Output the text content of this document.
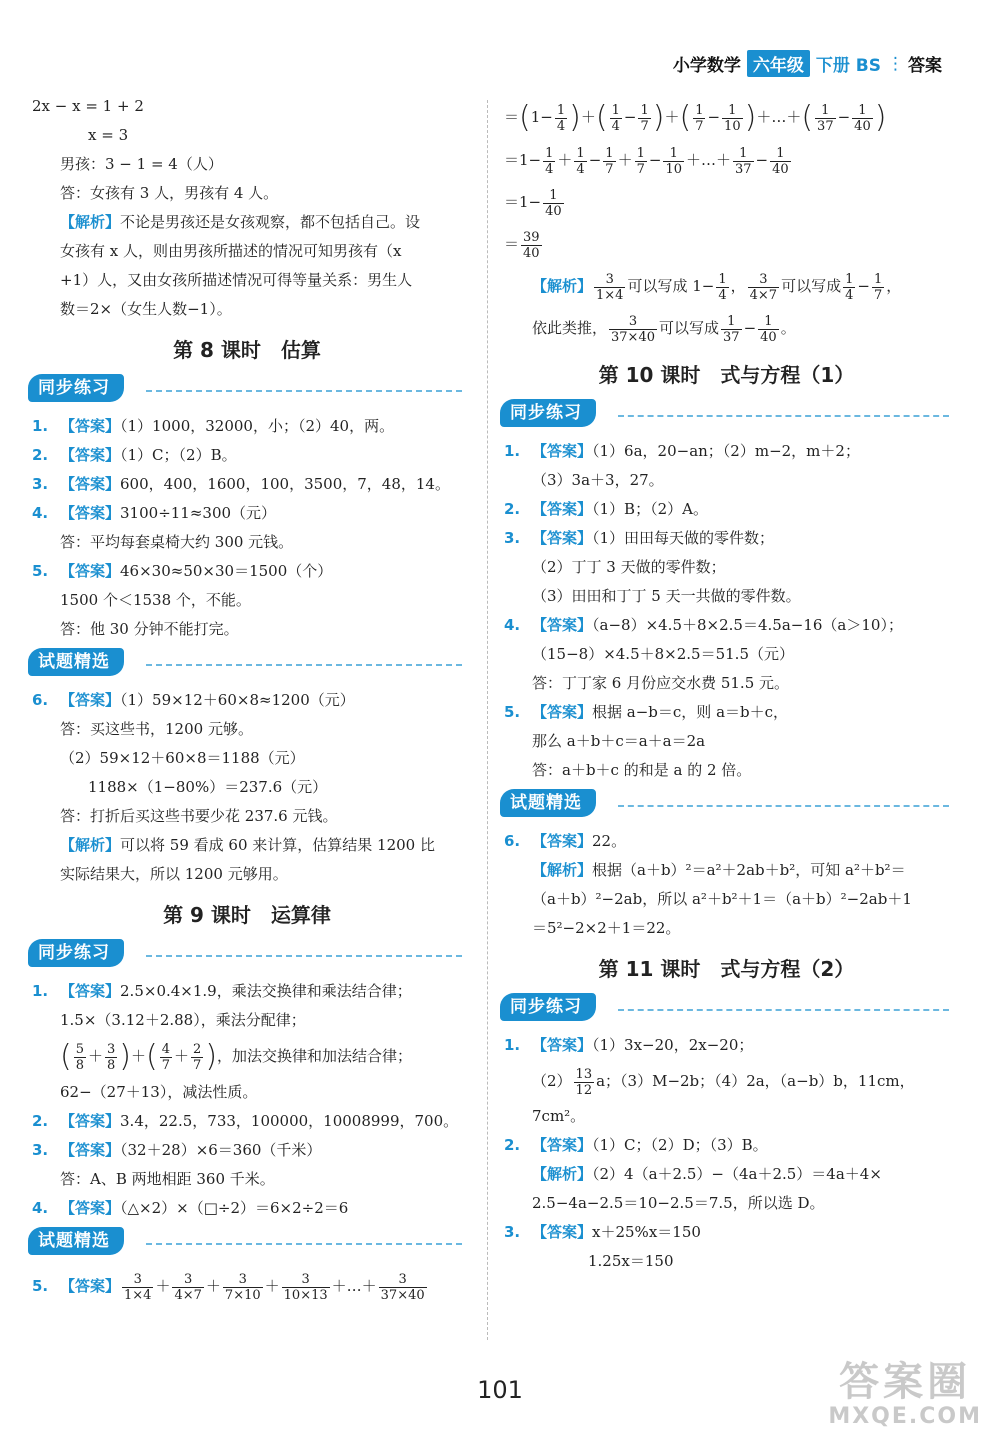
小学数学 六年级 下册 BS ⋮ 答案
2x − x = 1 + 2
x = 3
男孩：3 − 1 = 4（人）
答：女孩有 3 人，男孩有 4 人。
【解析】不论是男孩还是女孩观察，都不包括自己。设
女孩有 x 人，则由男孩所描述的情况可知男孩有（x
+1）人，又由女孩所描述情况可得等量关系：男生人
数＝2×（女生人数−1）。
第 8 课时　估算
同步练习
1. 【答案】（1）1000，32000，小；（2）40，两。
2. 【答案】（1）C；（2）B。
3. 【答案】600，400，1600，100，3500，7，48，14。
4. 【答案】3100÷11≈300（元）
答：平均每套桌椅大约 300 元钱。
5. 【答案】46×30≈50×30＝1500（个）
1500 个＜1538 个，不能。
答：他 30 分钟不能打完。
试题精选
6. 【答案】（1）59×12＋60×8≈1200（元）
答：买这些书，1200 元够。
（2）59×12＋60×8＝1188（元）
1188×（1−80%）＝237.6（元）
答：打折后买这些书要少花 237.6 元钱。
【解析】可以将 59 看成 60 来计算，估算结果 1200 比
实际结果大，所以 1200 元够用。
第 9 课时　运算律
同步练习
1. 【答案】2.5×0.4×1.9，乘法交换律和乘法结合律；
1.5×（3.12＋2.88），乘法分配律；
( $\frac{5}{8} + \frac{3}{8}$ )＋( $\frac{4}{7} + \frac{2}{7}$ )，加法交换律和加法结合律；
62−（27＋13），减法性质。
2. 【答案】3.4，22.5，733，100000，10008999，700。
3. 【答案】（32＋28）×6＝360（千米）
答：A、B 两地相距 360 千米。
4. 【答案】（△×2）×（□÷2）＝6×2÷2＝6
试题精选
5. 【答案】 $\frac{3}{1\times 4} + \frac{3}{4\times 7} + \frac{3}{7\times 10} + \frac{3}{10\times 13}$ ＋…＋ $\frac{3}{37\times 40}$
$=(1- \frac{1}{4}$ )＋( $\frac{1}{4} - \frac{1}{7}$ )＋( $\frac{1}{7} - \frac{1}{10}$ )＋…＋( $\frac{1}{37} - \frac{1}{40}$ )
$=1- \frac{1}{4} + \frac{1}{4} - \frac{1}{7} + \frac{1}{7} - \frac{1}{10}$ ＋…＋ $\frac{1}{37} - \frac{1}{40}$
$=1- \frac{1}{40}$
＝ $\frac{39}{40}$
【解析】 $\frac{3}{1\times 4}$ 可以写成 $1- \frac{1}{4}$ ， $\frac{3}{4\times 7}$ 可以写成 $\frac{1}{4} - \frac{1}{7}$ ，
依此类推， $\frac{3}{37\times 40}$ 可以写成 $\frac{1}{37} - \frac{1}{40}$ 。
第 10 课时　式与方程（1）
同步练习
1. 【答案】（1）6a，20−an；（2）m−2，m＋2；
（3）3a＋3，27。
2. 【答案】（1）B；（2）A。
3. 【答案】（1）田田每天做的零件数；
（2）丁丁 3 天做的零件数；
（3）田田和丁丁 5 天一共做的零件数。
4. 【答案】（a−8）×4.5＋8×2.5＝4.5a−16（a＞10）；
（15−8）×4.5＋8×2.5＝51.5（元）
答：丁丁家 6 月份应交水费 51.5 元。
5. 【答案】根据 a−b＝c，则 a＝b＋c，
那么 a＋b＋c＝a＋a＝2a
答：a＋b＋c 的和是 a 的 2 倍。
试题精选
6. 【答案】22。
【解析】根据（a＋b）²＝a²＋2ab＋b²，可知 a²＋b²＝
（a＋b）²−2ab，所以 a²＋b²＋1＝（a＋b）²−2ab＋1
＝5²−2×2＋1＝22。
第 11 课时　式与方程（2）
同步练习
1. 【答案】（1）3x−20，2x−20；
$(2) \frac{13}{12}$ a；（3）M−2b；（4）2a，（a−b）b，11cm，
7cm²。
2. 【答案】（1）C；（2）D；（3）B。
【解析】（2）4（a＋2.5）−（4a＋2.5）＝4a＋4×
2.5−4a−2.5＝10−2.5＝7.5，所以选 D。
3. 【答案】x＋25%x＝150
1.25x＝150
101	答案圈
MXQE.COM
